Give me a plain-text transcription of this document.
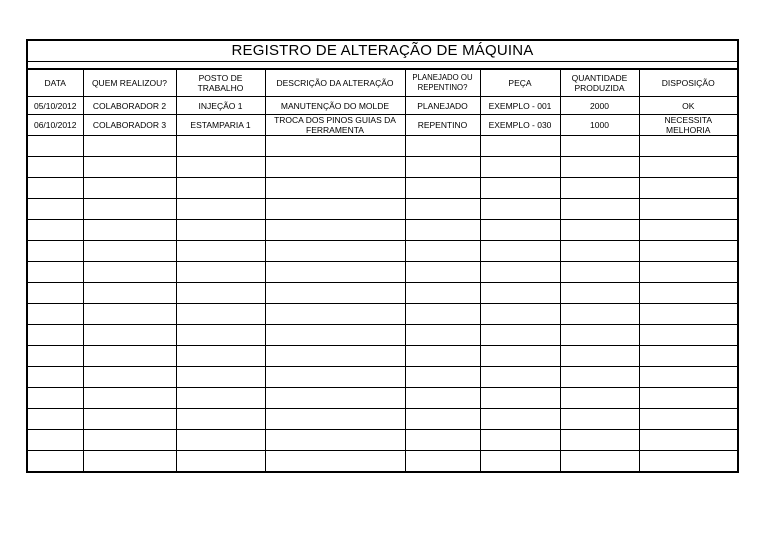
REGISTRO DE ALTERAÇÃO DE MÁQUINA							

DATA	QUEM REALIZOU?	POSTO DE TRABALHO	DESCRIÇÃO DA ALTERAÇÃO	PLANEJADO OU REPENTINO?	PEÇA	QUANTIDADE PRODUZIDA	DISPOSIÇÃO
05/10/2012	COLABORADOR 2	INJEÇÃO 1	MANUTENÇÃO DO MOLDE	PLANEJADO	EXEMPLO - 001	2000	OK
06/10/2012	COLABORADOR 3	ESTAMPARIA 1	TROCA DOS PINOS GUIAS DA FERRAMENTA	REPENTINO	EXEMPLO - 030	1000	NECESSITA MELHORIA
